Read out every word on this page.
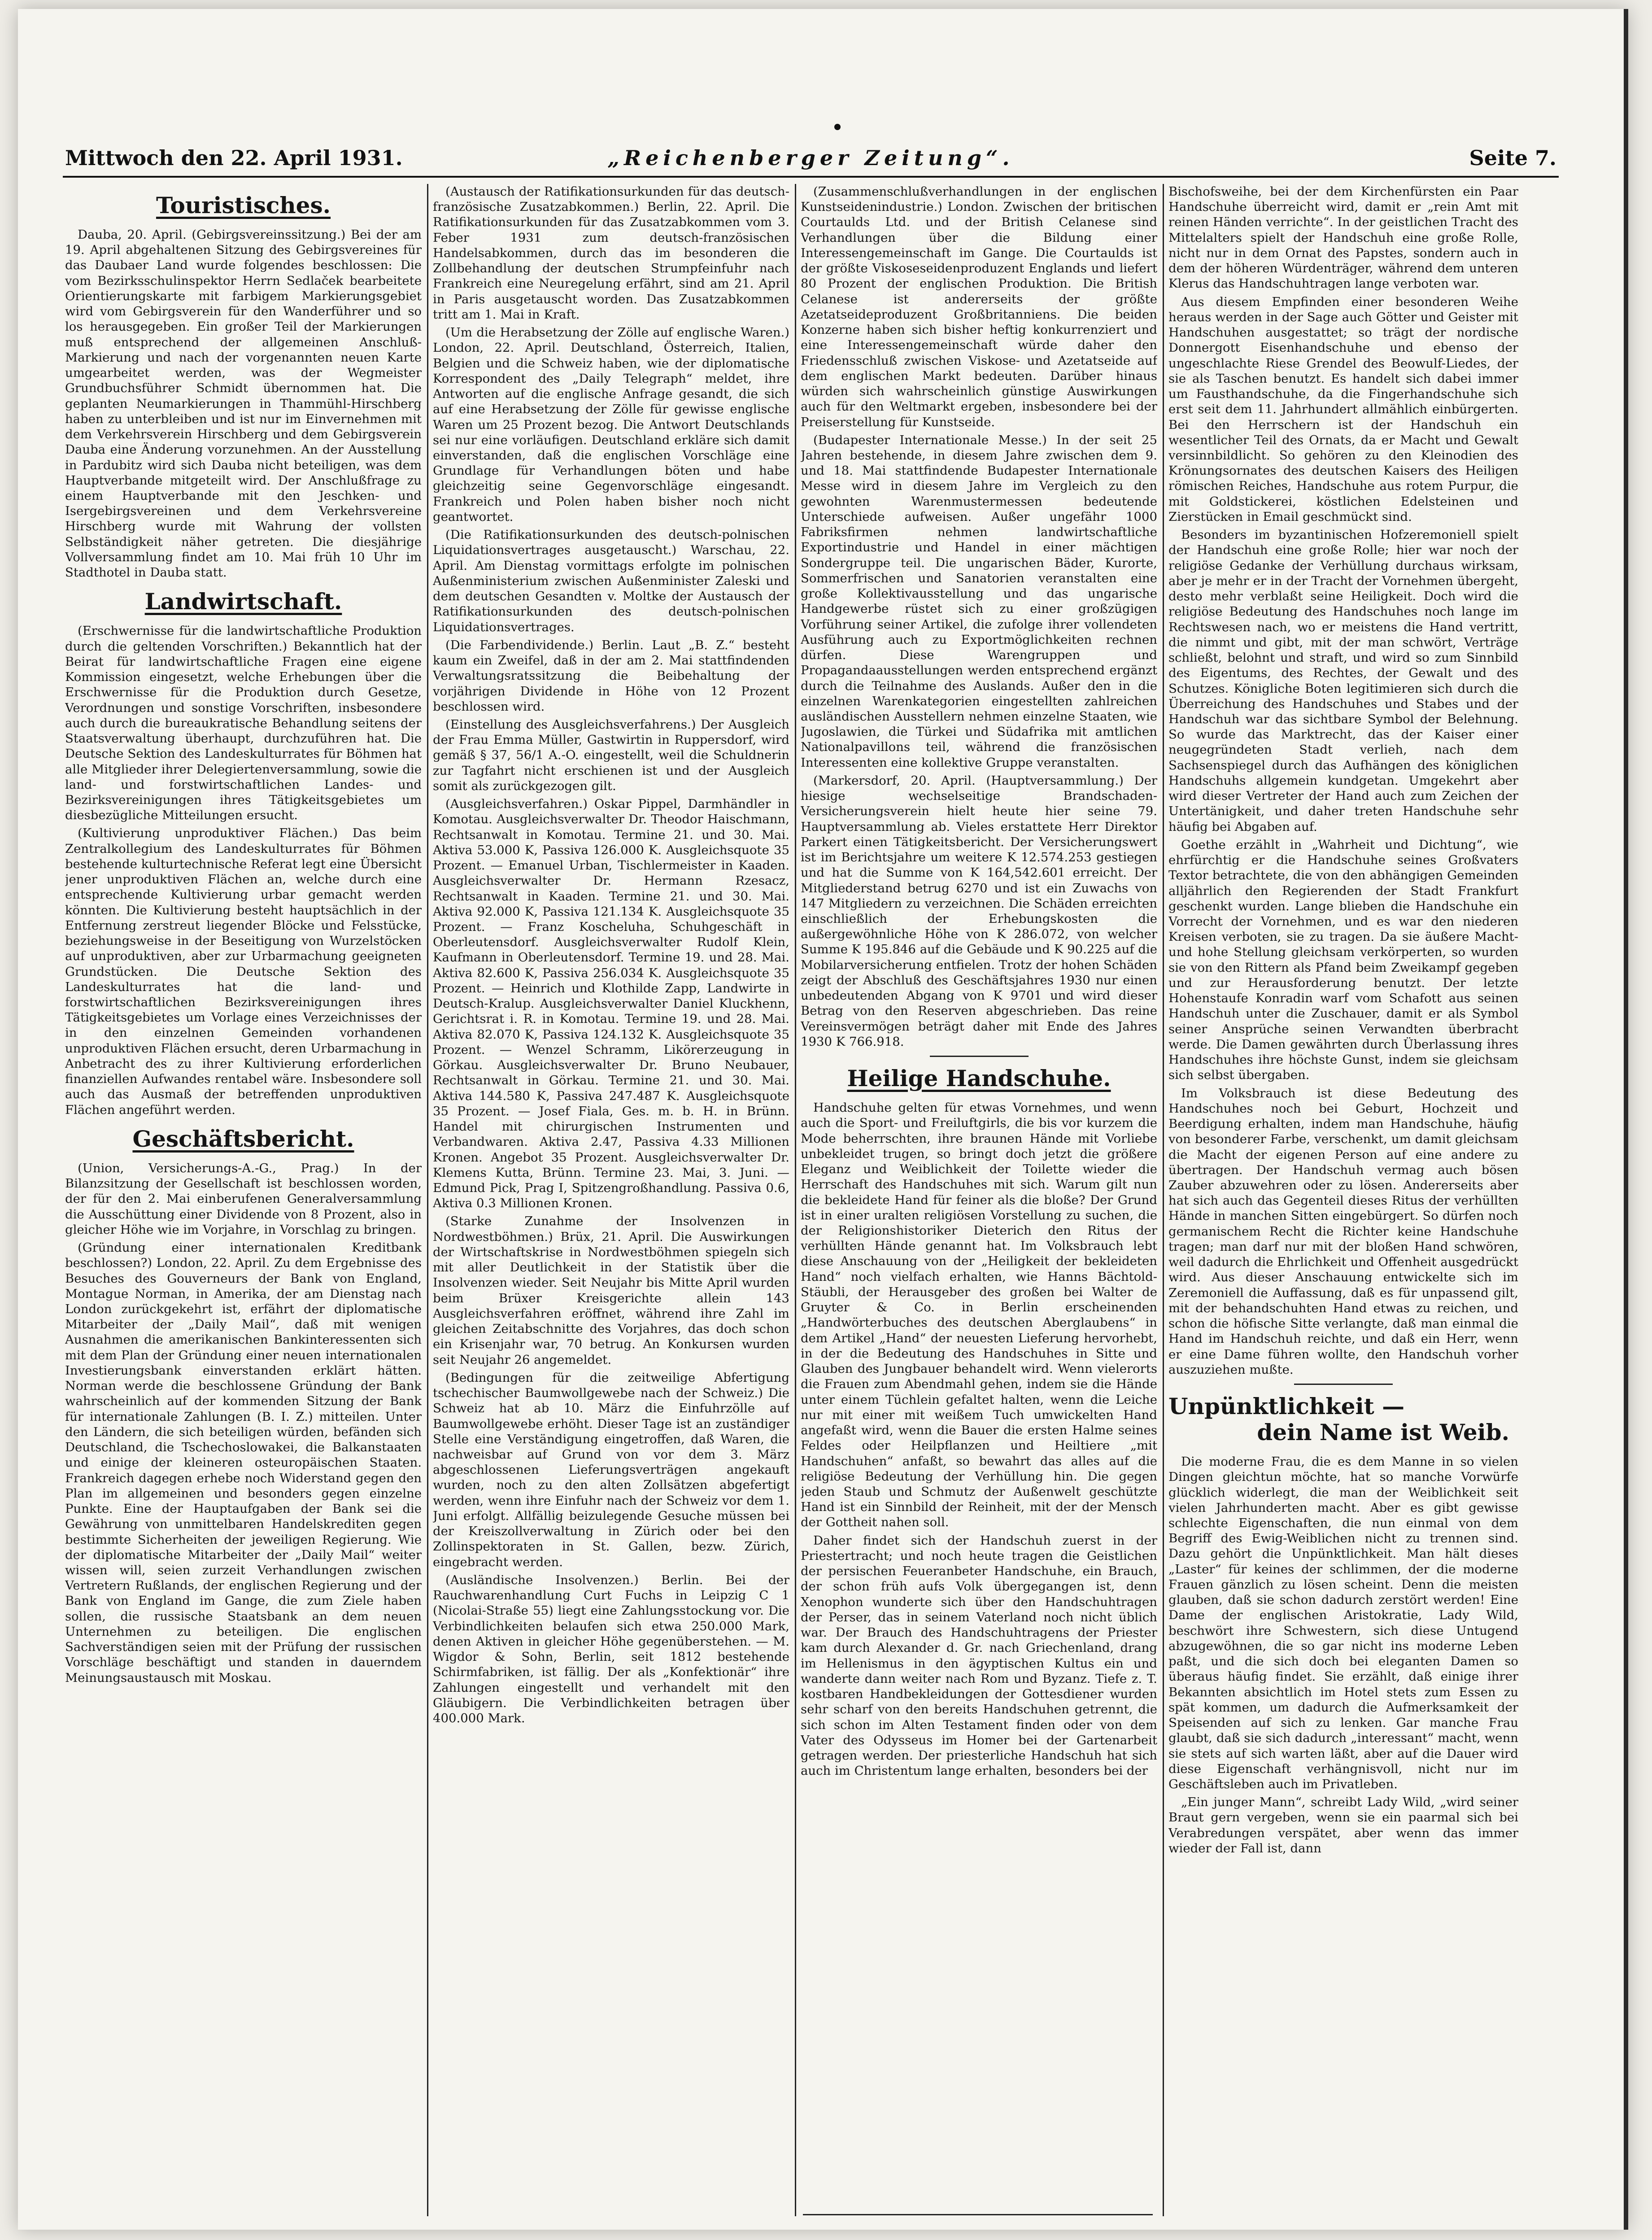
Mittwoch den 22. April 1931.	„Reichenberger Zeitung“.	Seite 7.
Touristisches.

Dauba, 20. April. (Gebirgsvereinssitzung.) Bei der am 19. April abgehaltenen Sitzung des Gebirgsvereines für das Daubaer Land wurde folgendes beschlossen: Die vom Bezirksschulinspektor Herrn Sedlaček bearbeitete Orientierungskarte mit farbigem Markierungsgebiet wird vom Gebirgsverein für den Wanderführer und so los herausgegeben. Ein großer Teil der Markierungen muß entsprechend der allgemeinen Anschluß-Markierung und nach der vorgenannten neuen Karte umgearbeitet werden, was der Wegmeister Grundbuchsführer Schmidt übernommen hat. Die geplanten Neumarkierungen in Thammühl-Hirschberg haben zu unterbleiben und ist nur im Einvernehmen mit dem Verkehrsverein Hirschberg und dem Gebirgsverein Dauba eine Änderung vorzunehmen. An der Ausstellung in Pardubitz wird sich Dauba nicht beteiligen, was dem Hauptverbande mitgeteilt wird. Der Anschlußfrage zu einem Hauptverbande mit den Jeschken- und Isergebirgsvereinen und dem Verkehrsvereine Hirschberg wurde mit Wahrung der vollsten Selbständigkeit näher getreten. Die diesjährige Vollversammlung findet am 10. Mai früh 10 Uhr im Stadthotel in Dauba statt.

Landwirtschaft.

(Erschwernisse für die landwirtschaftliche Produktion durch die geltenden Vorschriften.) Bekanntlich hat der Beirat für landwirtschaftliche Fragen eine eigene Kommission eingesetzt, welche Erhebungen über die Erschwernisse für die Produktion durch Gesetze, Verordnungen und sonstige Vorschriften, insbesondere auch durch die bureaukratische Behandlung seitens der Staatsverwaltung überhaupt, durchzuführen hat. Die Deutsche Sektion des Landeskulturrates für Böhmen hat alle Mitglieder ihrer Delegiertenversammlung, sowie die land- und forstwirtschaftlichen Landes- und Bezirksvereinigungen ihres Tätigkeitsgebietes um diesbezügliche Mitteilungen ersucht.

(Kultivierung unproduktiver Flächen.) Das beim Zentralkollegium des Landeskulturrates für Böhmen bestehende kulturtechnische Referat legt eine Übersicht jener unproduktiven Flächen an, welche durch eine entsprechende Kultivierung urbar gemacht werden könnten. Die Kultivierung besteht hauptsächlich in der Entfernung zerstreut liegender Blöcke und Felsstücke, beziehungsweise in der Beseitigung von Wurzelstöcken auf unproduktiven, aber zur Urbarmachung geeigneten Grundstücken. Die Deutsche Sektion des Landeskulturrates hat die land- und forstwirtschaftlichen Bezirksvereinigungen ihres Tätigkeitsgebietes um Vorlage eines Verzeichnisses der in den einzelnen Gemeinden vorhandenen unproduktiven Flächen ersucht, deren Urbarmachung in Anbetracht des zu ihrer Kultivierung erforderlichen finanziellen Aufwandes rentabel wäre. Insbesondere soll auch das Ausmaß der betreffenden unproduktiven Flächen angeführt werden.

Geschäftsbericht.

(Union, Versicherungs-A.-G., Prag.) In der Bilanzsitzung der Gesellschaft ist beschlossen worden, der für den 2. Mai einberufenen Generalversammlung die Ausschüttung einer Dividende von 8 Prozent, also in gleicher Höhe wie im Vorjahre, in Vorschlag zu bringen.

(Gründung einer internationalen Kreditbank beschlossen?) London, 22. April. Zu dem Ergebnisse des Besuches des Gouverneurs der Bank von England, Montague Norman, in Amerika, der am Dienstag nach London zurückgekehrt ist, erfährt der diplomatische Mitarbeiter der „Daily Mail“, daß mit wenigen Ausnahmen die amerikanischen Bankinteressenten sich mit dem Plan der Gründung einer neuen internationalen Investierungsbank einverstanden erklärt hätten. Norman werde die beschlossene Gründung der Bank wahrscheinlich auf der kommenden Sitzung der Bank für internationale Zahlungen (B. I. Z.) mitteilen. Unter den Ländern, die sich beteiligen würden, befänden sich Deutschland, die Tschechoslowakei, die Balkanstaaten und einige der kleineren osteuropäischen Staaten. Frankreich dagegen erhebe noch Widerstand gegen den Plan im allgemeinen und besonders gegen einzelne Punkte. Eine der Hauptaufgaben der Bank sei die Gewährung von unmittelbaren Handelskrediten gegen bestimmte Sicherheiten der jeweiligen Regierung. Wie der diplomatische Mitarbeiter der „Daily Mail“ weiter wissen will, seien zurzeit Verhandlungen zwischen Vertretern Rußlands, der englischen Regierung und der Bank von England im Gange, die zum Ziele haben sollen, die russische Staatsbank an dem neuen Unternehmen zu beteiligen. Die englischen Sachverständigen seien mit der Prüfung der russischen Vorschläge beschäftigt und standen in dauerndem Meinungsaustausch mit Moskau.

(Austausch der Ratifikationsurkunden für das deutsch-französische Zusatzabkommen.) Berlin, 22. April. Die Ratifikationsurkunden für das Zusatzabkommen vom 3. Feber 1931 zum deutsch-französischen Handelsabkommen, durch das im besonderen die Zollbehandlung der deutschen Strumpfeinfuhr nach Frankreich eine Neuregelung erfährt, sind am 21. April in Paris ausgetauscht worden. Das Zusatzabkommen tritt am 1. Mai in Kraft.

(Um die Herabsetzung der Zölle auf englische Waren.) London, 22. April. Deutschland, Österreich, Italien, Belgien und die Schweiz haben, wie der diplomatische Korrespondent des „Daily Telegraph“ meldet, ihre Antworten auf die englische Anfrage gesandt, die sich auf eine Herabsetzung der Zölle für gewisse englische Waren um 25 Prozent bezog. Die Antwort Deutschlands sei nur eine vorläufigen. Deutschland erkläre sich damit einverstanden, daß die englischen Vorschläge eine Grundlage für Verhandlungen böten und habe gleichzeitig seine Gegenvorschläge eingesandt. Frankreich und Polen haben bisher noch nicht geantwortet.

(Die Ratifikationsurkunden des deutsch-polnischen Liquidationsvertrages ausgetauscht.) Warschau, 22. April. Am Dienstag vormittags erfolgte im polnischen Außenministerium zwischen Außenminister Zaleski und dem deutschen Gesandten v. Moltke der Austausch der Ratifikationsurkunden des deutsch-polnischen Liquidationsvertrages.

(Die Farbendividende.) Berlin. Laut „B. Z.“ besteht kaum ein Zweifel, daß in der am 2. Mai stattfindenden Verwaltungsratssitzung die Beibehaltung der vorjährigen Dividende in Höhe von 12 Prozent beschlossen wird.

(Einstellung des Ausgleichsverfahrens.) Der Ausgleich der Frau Emma Müller, Gastwirtin in Ruppersdorf, wird gemäß § 37, 56/1 A.-O. eingestellt, weil die Schuldnerin zur Tagfahrt nicht erschienen ist und der Ausgleich somit als zurückgezogen gilt.

(Ausgleichsverfahren.) Oskar Pippel, Darmhändler in Komotau. Ausgleichsverwalter Dr. Theodor Haischmann, Rechtsanwalt in Komotau. Termine 21. und 30. Mai. Aktiva 53.000 K, Passiva 126.000 K. Ausgleichsquote 35 Prozent. — Emanuel Urban, Tischlermeister in Kaaden. Ausgleichsverwalter Dr. Hermann Rzesacz, Rechtsanwalt in Kaaden. Termine 21. und 30. Mai. Aktiva 92.000 K, Passiva 121.134 K. Ausgleichsquote 35 Prozent. — Franz Koscheluha, Schuhgeschäft in Oberleutensdorf. Ausgleichsverwalter Rudolf Klein, Kaufmann in Oberleutensdorf. Termine 19. und 28. Mai. Aktiva 82.600 K, Passiva 256.034 K. Ausgleichsquote 35 Prozent. — Heinrich und Klothilde Zapp, Landwirte in Deutsch-Kralup. Ausgleichsverwalter Daniel Kluckhenn, Gerichtsrat i. R. in Komotau. Termine 19. und 28. Mai. Aktiva 82.070 K, Passiva 124.132 K. Ausgleichsquote 35 Prozent. — Wenzel Schramm, Likörerzeugung in Görkau. Ausgleichsverwalter Dr. Bruno Neubauer, Rechtsanwalt in Görkau. Termine 21. und 30. Mai. Aktiva 144.580 K, Passiva 247.487 K. Ausgleichsquote 35 Prozent. — Josef Fiala, Ges. m. b. H. in Brünn. Handel mit chirurgischen Instrumenten und Verbandwaren. Aktiva 2.47, Passiva 4.33 Millionen Kronen. Angebot 35 Prozent. Ausgleichsverwalter Dr. Klemens Kutta, Brünn. Termine 23. Mai, 3. Juni. — Edmund Pick, Prag I, Spitzengroßhandlung. Passiva 0.6, Aktiva 0.3 Millionen Kronen.

(Starke Zunahme der Insolvenzen in Nordwestböhmen.) Brüx, 21. April. Die Auswirkungen der Wirtschaftskrise in Nordwestböhmen spiegeln sich mit aller Deutlichkeit in der Statistik über die Insolvenzen wieder. Seit Neujahr bis Mitte April wurden beim Brüxer Kreisgerichte allein 143 Ausgleichsverfahren eröffnet, während ihre Zahl im gleichen Zeitabschnitte des Vorjahres, das doch schon ein Krisenjahr war, 70 betrug. An Konkursen wurden seit Neujahr 26 angemeldet.

(Bedingungen für die zeitweilige Abfertigung tschechischer Baumwollgewebe nach der Schweiz.) Die Schweiz hat ab 10. März die Einfuhrzölle auf Baumwollgewebe erhöht. Dieser Tage ist an zuständiger Stelle eine Verständigung eingetroffen, daß Waren, die nachweisbar auf Grund von vor dem 3. März abgeschlossenen Lieferungsverträgen angekauft wurden, noch zu den alten Zollsätzen abgefertigt werden, wenn ihre Einfuhr nach der Schweiz vor dem 1. Juni erfolgt. Allfällig beizulegende Gesuche müssen bei der Kreiszollverwaltung in Zürich oder bei den Zollinspektoraten in St. Gallen, bezw. Zürich, eingebracht werden.

(Ausländische Insolvenzen.) Berlin. Bei der Rauchwarenhandlung Curt Fuchs in Leipzig C 1 (Nicolai-Straße 55) liegt eine Zahlungsstockung vor. Die Verbindlichkeiten belaufen sich etwa 250.000 Mark, denen Aktiven in gleicher Höhe gegenüberstehen. — M. Wigdor & Sohn, Berlin, seit 1812 bestehende Schirmfabriken, ist fällig. Der als „Konfektionär“ ihre Zahlungen eingestellt und verhandelt mit den Gläubigern. Die Verbindlichkeiten betragen über 400.000 Mark.

(Zusammenschlußverhandlungen in der englischen Kunstseidenindustrie.) London. Zwischen der britischen Courtaulds Ltd. und der British Celanese sind Verhandlungen über die Bildung einer Interessengemeinschaft im Gange. Die Courtaulds ist der größte Viskoseseidenproduzent Englands und liefert 80 Prozent der englischen Produktion. Die British Celanese ist andererseits der größte Azetatseideproduzent Großbritanniens. Die beiden Konzerne haben sich bisher heftig konkurrenziert und eine Interessengemeinschaft würde daher den Friedensschluß zwischen Viskose- und Azetatseide auf dem englischen Markt bedeuten. Darüber hinaus würden sich wahrscheinlich günstige Auswirkungen auch für den Weltmarkt ergeben, insbesondere bei der Preiserstellung für Kunstseide.

(Budapester Internationale Messe.) In der seit 25 Jahren bestehende, in diesem Jahre zwischen dem 9. und 18. Mai stattfindende Budapester Internationale Messe wird in diesem Jahre im Vergleich zu den gewohnten Warenmustermessen bedeutende Unterschiede aufweisen. Außer ungefähr 1000 Fabriksfirmen nehmen landwirtschaftliche Exportindustrie und Handel in einer mächtigen Sondergruppe teil. Die ungarischen Bäder, Kurorte, Sommerfrischen und Sanatorien veranstalten eine große Kollektivausstellung und das ungarische Handgewerbe rüstet sich zu einer großzügigen Vorführung seiner Artikel, die zufolge ihrer vollendeten Ausführung auch zu Exportmöglichkeiten rechnen dürfen. Diese Warengruppen und Propagandaausstellungen werden entsprechend ergänzt durch die Teilnahme des Auslands. Außer den in die einzelnen Warenkategorien eingestellten zahlreichen ausländischen Ausstellern nehmen einzelne Staaten, wie Jugoslawien, die Türkei und Südafrika mit amtlichen Nationalpavillons teil, während die französischen Interessenten eine kollektive Gruppe veranstalten.

(Markersdorf, 20. April. (Hauptversammlung.) Der hiesige wechselseitige Brandschaden-Versicherungsverein hielt heute hier seine 79. Hauptversammlung ab. Vieles erstattete Herr Direktor Parkert einen Tätigkeitsbericht. Der Versicherungswert ist im Berichtsjahre um weitere K 12.574.253 gestiegen und hat die Summe von K 164,542.601 erreicht. Der Mitgliederstand betrug 6270 und ist ein Zuwachs von 147 Mitgliedern zu verzeichnen. Die Schäden erreichten einschließlich der Erhebungskosten die außergewöhnliche Höhe von K 286.072, von welcher Summe K 195.846 auf die Gebäude und K 90.225 auf die Mobilarversicherung entfielen. Trotz der hohen Schäden zeigt der Abschluß des Geschäftsjahres 1930 nur einen unbedeutenden Abgang von K 9701 und wird dieser Betrag von den Reserven abgeschrieben. Das reine Vereinsvermögen beträgt daher mit Ende des Jahres 1930 K 766.918.

Heilige Handschuhe.

Handschuhe gelten für etwas Vornehmes, und wenn auch die Sport- und Freiluftgirls, die bis vor kurzem die Mode beherrschten, ihre braunen Hände mit Vorliebe unbekleidet trugen, so bringt doch jetzt die größere Eleganz und Weiblichkeit der Toilette wieder die Herrschaft des Handschuhes mit sich. Warum gilt nun die bekleidete Hand für feiner als die bloße? Der Grund ist in einer uralten religiösen Vorstellung zu suchen, die der Religionshistoriker Dieterich den Ritus der verhüllten Hände genannt hat. Im Volksbrauch lebt diese Anschauung von der „Heiligkeit der bekleideten Hand“ noch vielfach erhalten, wie Hanns Bächtold-Stäubli, der Herausgeber des großen bei Walter de Gruyter & Co. in Berlin erscheinenden „Handwörterbuches des deutschen Aberglaubens“ in dem Artikel „Hand“ der neuesten Lieferung hervorhebt, in der die Bedeutung des Handschuhes in Sitte und Glauben des Jungbauer behandelt wird. Wenn vielerorts die Frauen zum Abendmahl gehen, indem sie die Hände unter einem Tüchlein gefaltet halten, wenn die Leiche nur mit einer mit weißem Tuch umwickelten Hand angefaßt wird, wenn die Bauer die ersten Halme seines Feldes oder Heilpflanzen und Heiltiere „mit Handschuhen“ anfaßt, so bewahrt das alles auf die religiöse Bedeutung der Verhüllung hin. Die gegen jeden Staub und Schmutz der Außenwelt geschützte Hand ist ein Sinnbild der Reinheit, mit der der Mensch der Gottheit nahen soll.

Daher findet sich der Handschuh zuerst in der Priestertracht; und noch heute tragen die Geistlichen der persischen Feueranbeter Handschuhe, ein Brauch, der schon früh aufs Volk übergegangen ist, denn Xenophon wunderte sich über den Handschuhtragen der Perser, das in seinem Vaterland noch nicht üblich war. Der Brauch des Handschuhtragens der Priester kam durch Alexander d. Gr. nach Griechenland, drang im Hellenismus in den ägyptischen Kultus ein und wanderte dann weiter nach Rom und Byzanz. Tiefe z. T. kostbaren Handbekleidungen der Gottesdiener wurden sehr scharf von den bereits Handschuhen getrennt, die sich schon im Alten Testament finden oder von dem Vater des Odysseus im Homer bei der Gartenarbeit getragen werden. Der priesterliche Handschuh hat sich auch im Christentum lange erhalten, besonders bei der

Bischofsweihe, bei der dem Kirchenfürsten ein Paar Handschuhe überreicht wird, damit er „rein Amt mit reinen Händen verrichte“. In der geistlichen Tracht des Mittelalters spielt der Handschuh eine große Rolle, nicht nur in dem Ornat des Papstes, sondern auch in dem der höheren Würdenträger, während dem unteren Klerus das Handschuhtragen lange verboten war.

Aus diesem Empfinden einer besonderen Weihe heraus werden in der Sage auch Götter und Geister mit Handschuhen ausgestattet; so trägt der nordische Donnergott Eisenhandschuhe und ebenso der ungeschlachte Riese Grendel des Beowulf-Liedes, der sie als Taschen benutzt. Es handelt sich dabei immer um Fausthandschuhe, da die Fingerhandschuhe sich erst seit dem 11. Jahrhundert allmählich einbürgerten. Bei den Herrschern ist der Handschuh ein wesentlicher Teil des Ornats, da er Macht und Gewalt versinnbildlicht. So gehören zu den Kleinodien des Krönungsornates des deutschen Kaisers des Heiligen römischen Reiches, Handschuhe aus rotem Purpur, die mit Goldstickerei, köstlichen Edelsteinen und Zierstücken in Email geschmückt sind.

Besonders im byzantinischen Hofzeremoniell spielt der Handschuh eine große Rolle; hier war noch der religiöse Gedanke der Verhüllung durchaus wirksam, aber je mehr er in der Tracht der Vornehmen übergeht, desto mehr verblaßt seine Heiligkeit. Doch wird die religiöse Bedeutung des Handschuhes noch lange im Rechtswesen nach, wo er meistens die Hand vertritt, die nimmt und gibt, mit der man schwört, Verträge schließt, belohnt und straft, und wird so zum Sinnbild des Eigentums, des Rechtes, der Gewalt und des Schutzes. Königliche Boten legitimieren sich durch die Überreichung des Handschuhes und Stabes und der Handschuh war das sichtbare Symbol der Belehnung. So wurde das Marktrecht, das der Kaiser einer neugegründeten Stadt verlieh, nach dem Sachsenspiegel durch das Aufhängen des königlichen Handschuhs allgemein kundgetan. Umgekehrt aber wird dieser Vertreter der Hand auch zum Zeichen der Untertänigkeit, und daher treten Handschuhe sehr häufig bei Abgaben auf.

Goethe erzählt in „Wahrheit und Dichtung“, wie ehrfürchtig er die Handschuhe seines Großvaters Textor betrachtete, die von den abhängigen Gemeinden alljährlich den Regierenden der Stadt Frankfurt geschenkt wurden. Lange blieben die Handschuhe ein Vorrecht der Vornehmen, und es war den niederen Kreisen verboten, sie zu tragen. Da sie äußere Macht- und hohe Stellung gleichsam verkörperten, so wurden sie von den Rittern als Pfand beim Zweikampf gegeben und zur Herausforderung benutzt. Der letzte Hohenstaufe Konradin warf vom Schafott aus seinen Handschuh unter die Zuschauer, damit er als Symbol seiner Ansprüche seinen Verwandten überbracht werde. Die Damen gewährten durch Überlassung ihres Handschuhes ihre höchste Gunst, indem sie gleichsam sich selbst übergaben.

Im Volksbrauch ist diese Bedeutung des Handschuhes noch bei Geburt, Hochzeit und Beerdigung erhalten, indem man Handschuhe, häufig von besonderer Farbe, verschenkt, um damit gleichsam die Macht der eigenen Person auf eine andere zu übertragen. Der Handschuh vermag auch bösen Zauber abzuwehren oder zu lösen. Andererseits aber hat sich auch das Gegenteil dieses Ritus der verhüllten Hände in manchen Sitten eingebürgert. So dürfen noch germanischem Recht die Richter keine Handschuhe tragen; man darf nur mit der bloßen Hand schwören, weil dadurch die Ehrlichkeit und Offenheit ausgedrückt wird. Aus dieser Anschauung entwickelte sich im Zeremoniell die Auffassung, daß es für unpassend gilt, mit der behandschuhten Hand etwas zu reichen, und schon die höfische Sitte verlangte, daß man einmal die Hand im Handschuh reichte, und daß ein Herr, wenn er eine Dame führen wollte, den Handschuh vorher auszuziehen mußte.

Unpünktlichkeit —
dein Name ist Weib.

Die moderne Frau, die es dem Manne in so vielen Dingen gleichtun möchte, hat so manche Vorwürfe glücklich widerlegt, die man der Weiblichkeit seit vielen Jahrhunderten macht. Aber es gibt gewisse schlechte Eigenschaften, die nun einmal von dem Begriff des Ewig-Weiblichen nicht zu trennen sind. Dazu gehört die Unpünktlichkeit. Man hält dieses „Laster“ für keines der schlimmen, der die moderne Frauen gänzlich zu lösen scheint. Denn die meisten glauben, daß sie schon dadurch zerstört werden! Eine Dame der englischen Aristokratie, Lady Wild, beschwört ihre Schwestern, sich diese Untugend abzugewöhnen, die so gar nicht ins moderne Leben paßt, und die sich doch bei eleganten Damen so überaus häufig findet. Sie erzählt, daß einige ihrer Bekannten absichtlich im Hotel stets zum Essen zu spät kommen, um dadurch die Aufmerksamkeit der Speisenden auf sich zu lenken. Gar manche Frau glaubt, daß sie sich dadurch „interessant“ macht, wenn sie stets auf sich warten läßt, aber auf die Dauer wird diese Eigenschaft verhängnisvoll, nicht nur im Geschäftsleben auch im Privatleben.

„Ein junger Mann“, schreibt Lady Wild, „wird seiner Braut gern vergeben, wenn sie ein paarmal sich bei Verabredungen verspätet, aber wenn das immer wieder der Fall ist, dann
